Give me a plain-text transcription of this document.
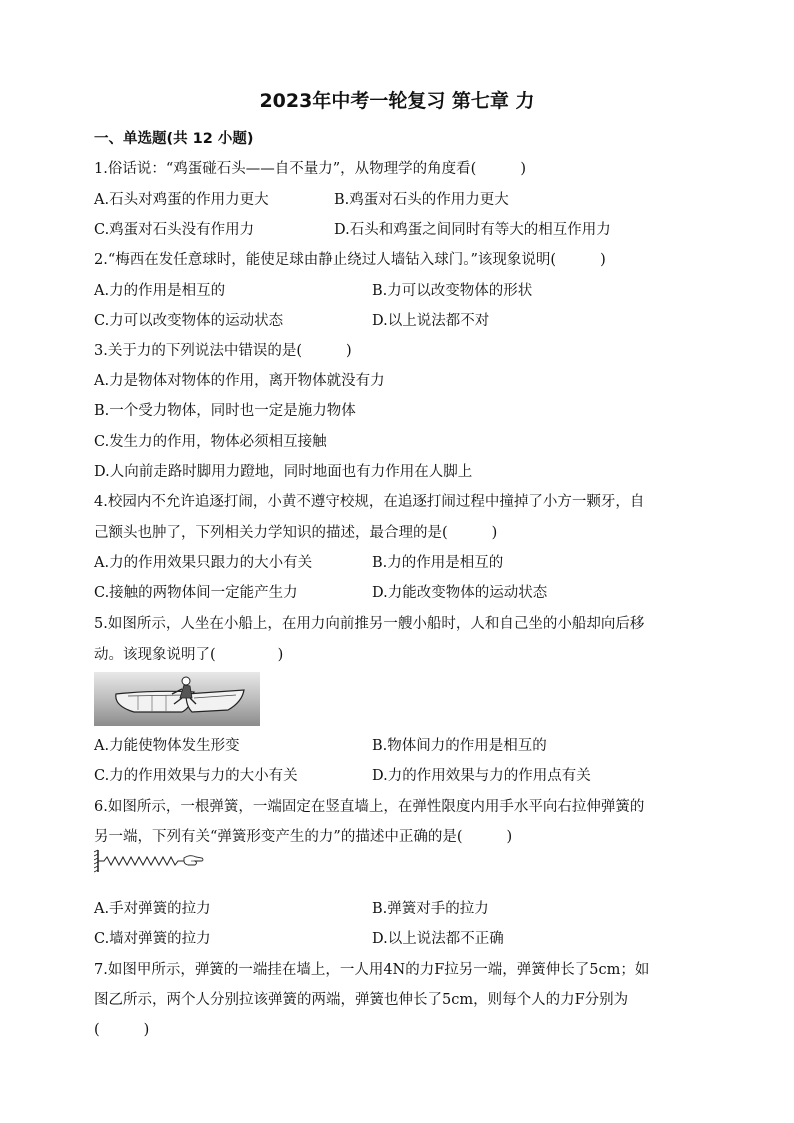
2023年中考一轮复习 第七章 力
一、单选题(共 12 小题)
1.俗话说：“鸡蛋碰石头——自不量力”，从物理学的角度看(	)
A.石头对鸡蛋的作用力更大	B.鸡蛋对石头的作用力更大
C.鸡蛋对石头没有作用力	D.石头和鸡蛋之间同时有等大的相互作用力
2.“梅西在发任意球时，能使足球由静止绕过人墙钻入球门。”该现象说明(	)
A.力的作用是相互的	B.力可以改变物体的形状
C.力可以改变物体的运动状态	D.以上说法都不对
3.关于力的下列说法中错误的是(	)
A.力是物体对物体的作用，离开物体就没有力
B.一个受力物体，同时也一定是施力物体
C.发生力的作用，物体必须相互接触
D.人向前走路时脚用力蹬地，同时地面也有力作用在人脚上
4.校园内不允许追逐打闹，小黄不遵守校规，在追逐打闹过程中撞掉了小方一颗牙，自
己额头也肿了，下列相关力学知识的描述，最合理的是(	)
A.力的作用效果只跟力的大小有关	B.力的作用是相互的
C.接触的两物体间一定能产生力	D.力能改变物体的运动状态
5.如图所示，人坐在小船上，在用力向前推另一艘小船时，人和自己坐的小船却向后移
动。该现象说明了(	)
A.力能使物体发生形变	B.物体间力的作用是相互的
C.力的作用效果与力的大小有关	D.力的作用效果与力的作用点有关
6.如图所示，一根弹簧，一端固定在竖直墙上，在弹性限度内用手水平向右拉伸弹簧的
另一端，下列有关“弹簧形变产生的力”的描述中正确的是(	)
A.手对弹簧的拉力	B.弹簧对手的拉力
C.墙对弹簧的拉力	D.以上说法都不正确
7.如图甲所示，弹簧的一端挂在墙上，一人用4N的力F拉另一端，弹簧伸长了5cm；如
图乙所示，两个人分别拉该弹簧的两端，弹簧也伸长了5cm，则每个人的力F分别为
(	)
